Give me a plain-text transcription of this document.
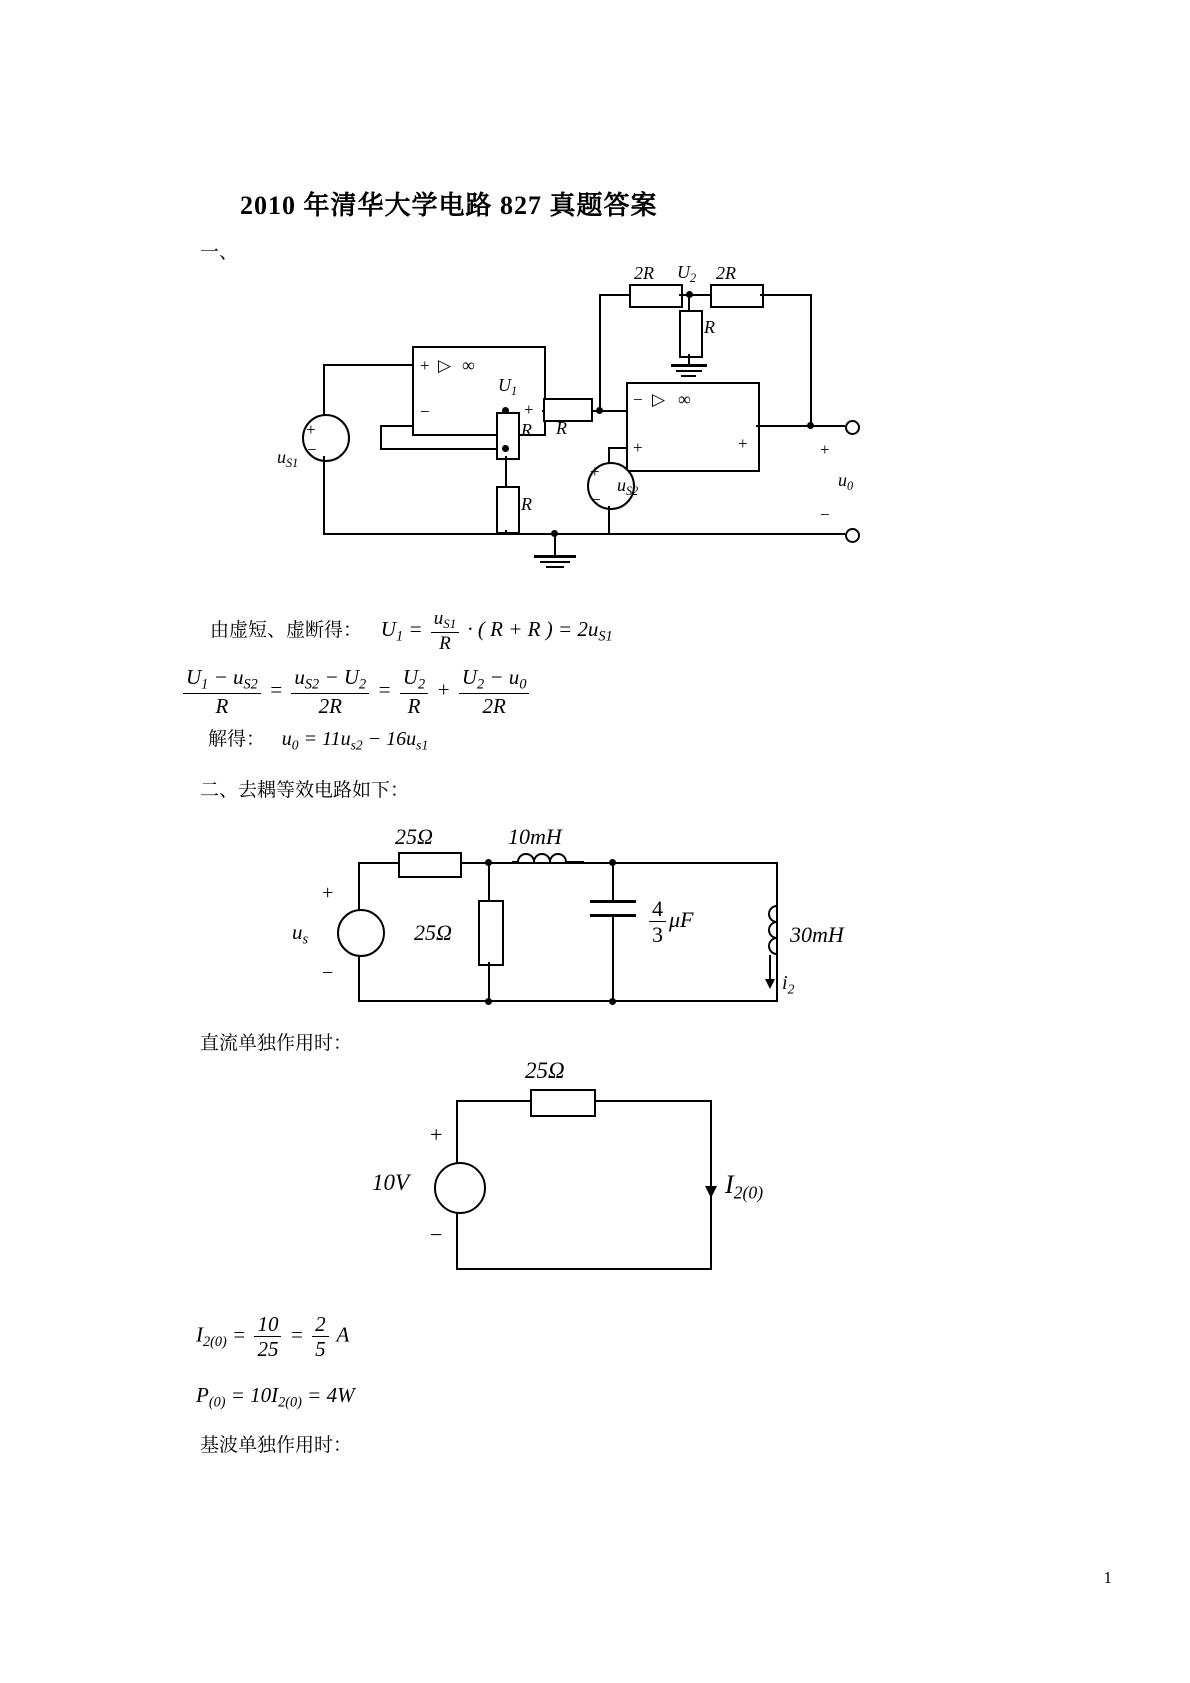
2010 年清华大学电路 827 真题答案
一、
+
−
$u_{S1}$
+
−
▷ ∞
+
$U_1$
R
R
R
−
+
▷ ∞
+
2R $U_2$ 2R
R
+
−
$u_0$
+
−
$u_{S2}$
由虚短、虚断得： $U_1 = \frac{u_{S1}}{R}$ · ( R + R ) = $2u_{S1}$
$\frac{U_1 - u_{S2}}{R} = \frac{u_{S2} - U_2}{2R} = \frac{U_2}{R} + \frac{U_2 - u_0}{2R}$
解得： $u_0 = 11u_{s2} - 16u_{s1}$
二、去耦等效电路如下：
+
−
$u_s$
25Ω
25Ω
10mH
$\frac{4}{3}$ μF
30mH
$i_2$
直流单独作用时：
25Ω
+
−
10V	$I_{2(0)}$
$I_{2(0)} = \frac{10}{25} = \frac{2}{5}$ A
$P_{(0)} = 10I_{2(0)} = 4W$
基波单独作用时：
1
